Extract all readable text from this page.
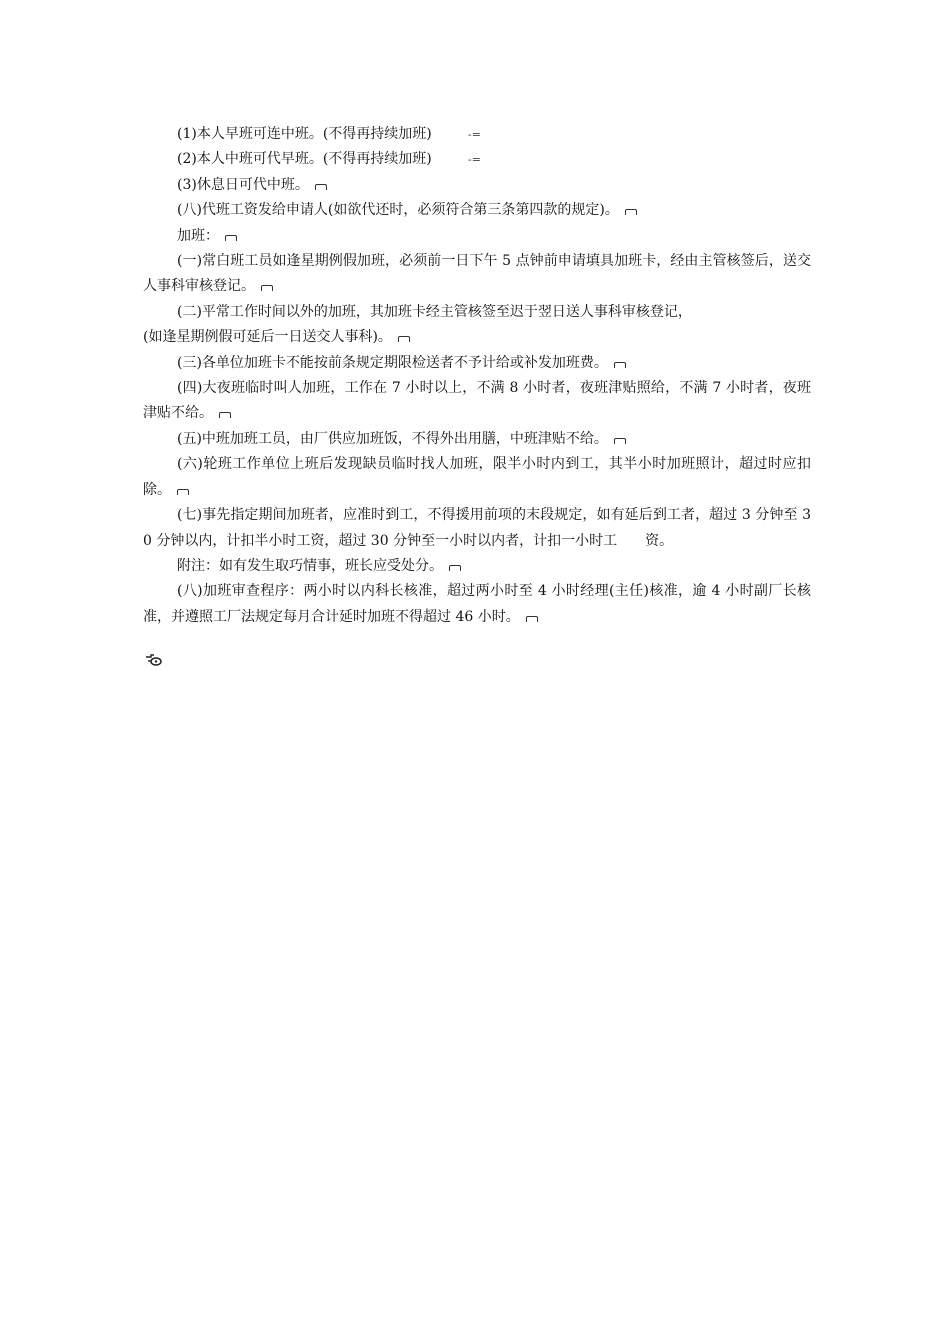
(1)本人早班可连中班。(不得再持续加班)	-=

(2)本人中班可代早班。(不得再持续加班)	-=

(3)休息日可代中班。

(八)代班工资发给申请人(如欲代还时，必须符合第三条第四款的规定)。

加班：

(一)常白班工员如逢星期例假加班，必须前一日下午 5 点钟前申请填具加班卡，经由主管核签后，送交人事科审核登记。

(二)平常工作时间以外的加班，其加班卡经主管核签至迟于翌日送人事科审核登记，

(如逢星期例假可延后一日送交人事科)。

(三)各单位加班卡不能按前条规定期限检送者不予计给或补发加班费。

(四)大夜班临时叫人加班，工作在 7 小时以上，不满 8 小时者，夜班津贴照给，不满 7 小时者，夜班津贴不给。

(五)中班加班工员，由厂供应加班饭，不得外出用膳，中班津贴不给。

(六)轮班工作单位上班后发现缺员临时找人加班，限半小时内到工，其半小时加班照计，超过时应扣除。

(七)事先指定期间加班者，应准时到工，不得援用前项的末段规定，如有延后到工者，超过 3 分钟至 30 分钟以内，计扣半小时工资，超过 30 分钟至一小时以内者，计扣一小时工　　资。

附注：如有发生取巧情事，班长应受处分。

(八)加班审查程序：两小时以内科长核准，超过两小时至 4 小时经理(主任)核准，逾 4 小时副厂长核准，并遵照工厂法规定每月合计延时加班不得超过 46 小时。
